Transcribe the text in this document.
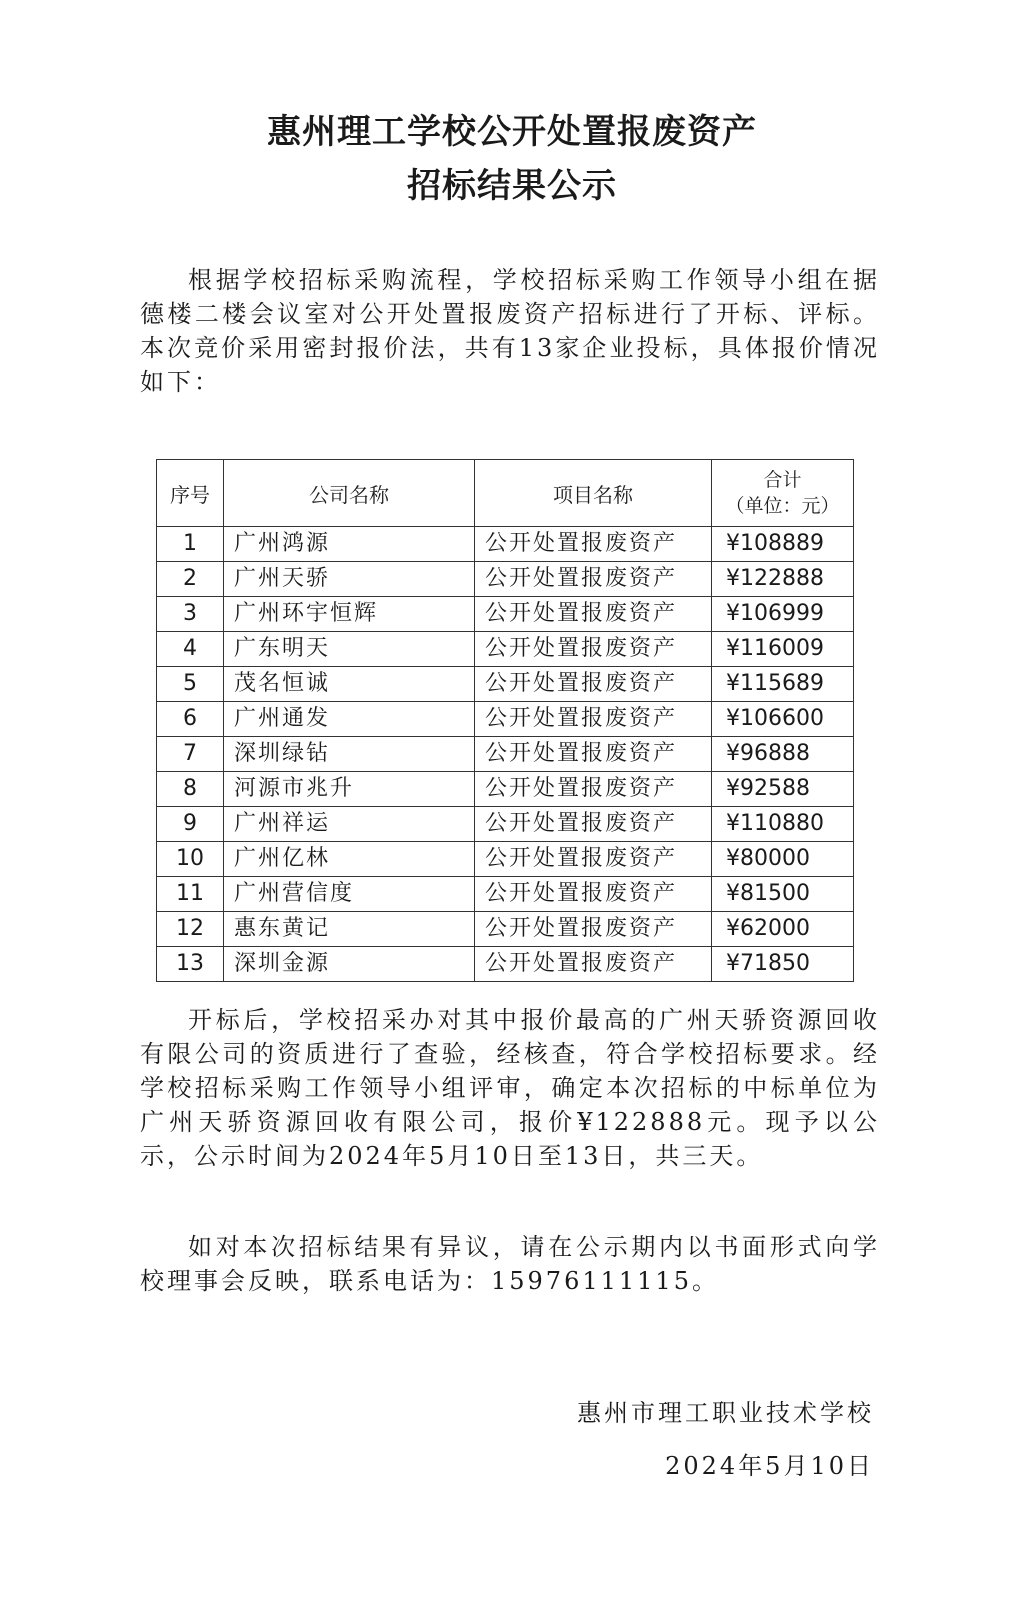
惠州理工学校公开处置报废资产
招标结果公示
根据学校招标采购流程，学校招标采购工作领导小组在据德楼二楼会议室对公开处置报废资产招标进行了开标、评标。本次竞价采用密封报价法，共有13家企业投标，具体报价情况如下：
序号	公司名称	项目名称	合计
（单位：元）

1	广州鸿源	公开处置报废资产	¥108889
2	广州天骄	公开处置报废资产	¥122888
3	广州环宇恒辉	公开处置报废资产	¥106999
4	广东明天	公开处置报废资产	¥116009
5	茂名恒诚	公开处置报废资产	¥115689
6	广州通发	公开处置报废资产	¥106600
7	深圳绿钻	公开处置报废资产	¥96888
8	河源市兆升	公开处置报废资产	¥92588
9	广州祥运	公开处置报废资产	¥110880
10	广州亿林	公开处置报废资产	¥80000
11	广州营信度	公开处置报废资产	¥81500
12	惠东黄记	公开处置报废资产	¥62000
13	深圳金源	公开处置报废资产	¥71850
开标后，学校招采办对其中报价最高的广州天骄资源回收有限公司的资质进行了查验，经核查，符合学校招标要求。经学校招标采购工作领导小组评审，确定本次招标的中标单位为广州天骄资源回收有限公司，报价¥122888元。现予以公示，公示时间为2024年5月10日至13日，共三天。
如对本次招标结果有异议，请在公示期内以书面形式向学校理事会反映，联系电话为：15976111115。
惠州市理工职业技术学校
2024年5月10日
